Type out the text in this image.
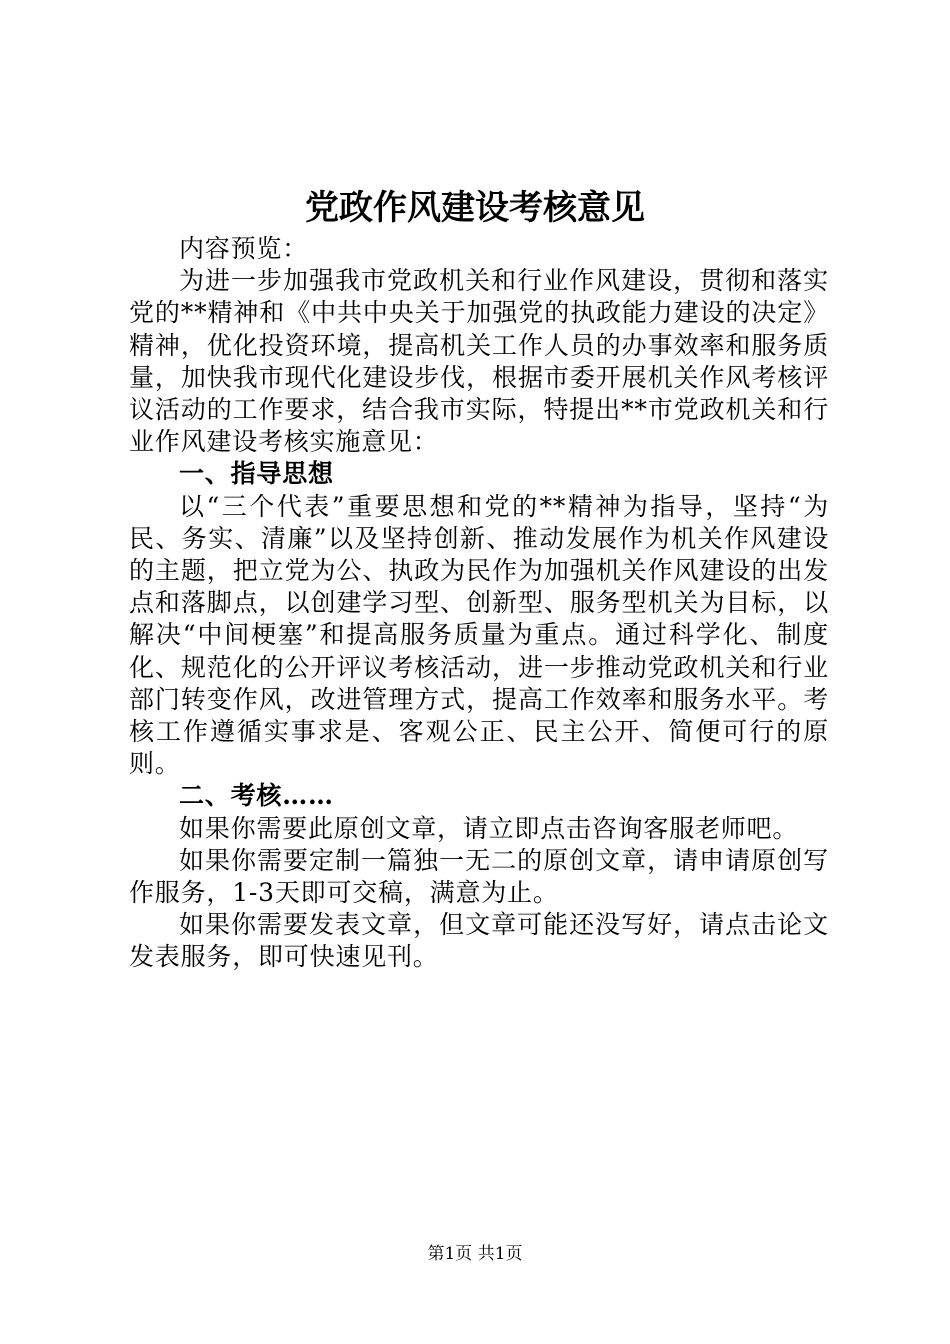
党政作风建设考核意见

内容预览：

为进一步加强我市党政机关和行业作风建设，贯彻和落实党的**精神和《中共中央关于加强党的执政能力建设的决定》精神，优化投资环境，提高机关工作人员的办事效率和服务质量，加快我市现代化建设步伐，根据市委开展机关作风考核评议活动的工作要求，结合我市实际，特提出**市党政机关和行业作风建设考核实施意见：

一、指导思想

以“三个代表”重要思想和党的**精神为指导，坚持“为民、务实、清廉”以及坚持创新、推动发展作为机关作风建设的主题，把立党为公、执政为民作为加强机关作风建设的出发点和落脚点，以创建学习型、创新型、服务型机关为目标，以解决“中间梗塞”和提高服务质量为重点。通过科学化、制度化、规范化的公开评议考核活动，进一步推动党政机关和行业部门转变作风，改进管理方式，提高工作效率和服务水平。考核工作遵循实事求是、客观公正、民主公开、简便可行的原则。

二、考核……

如果你需要此原创文章，请立即点击咨询客服老师吧。

如果你需要定制一篇独一无二的原创文章，请申请原创写作服务，1-3天即可交稿，满意为止。

如果你需要发表文章，但文章可能还没写好，请点击论文发表服务，即可快速见刊。

第1页 共1页
